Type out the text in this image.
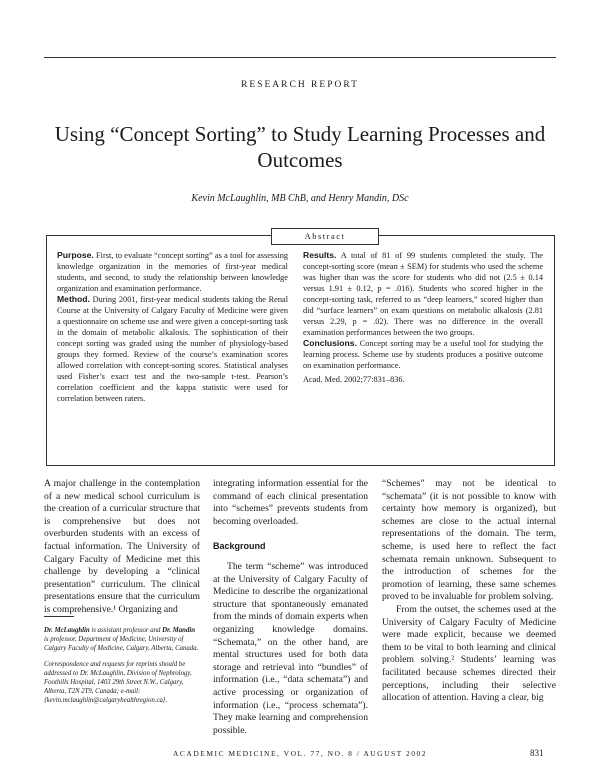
RESEARCH REPORT
Using “Concept Sorting” to Study Learning Processes and Outcomes
Kevin McLaughlin, MB ChB, and Henry Mandin, DSc
Abstract

Purpose. First, to evaluate “concept sorting” as a tool for assessing knowledge organization in the memories of first-year medical students, and second, to study the relationship between knowledge organization and examination performance.

Method. During 2001, first-year medical students taking the Renal Course at the University of Calgary Faculty of Medicine were given a questionnaire on scheme use and were given a concept-sorting task in the domain of metabolic alkalosis. The sophistication of their concept sorting was graded using the number of physiology-based groups they formed. Review of the course’s examination scores allowed correlation with concept-sorting scores. Statistical analyses used Fisher’s exact test and the two-sample t-test. Pearson’s correlation coefficient and the kappa statistic were used for correlation between raters.

Results. A total of 81 of 99 students completed the study. The concept-sorting score (mean ± SEM) for students who used the scheme was higher than was the score for students who did not (2.5 ± 0.14 versus 1.91 ± 0.12, p = .016). Students who scored higher in the concept-sorting task, referred to as “deep learners,” scored higher than did “surface learners” on exam questions on metabolic alkalosis (2.81 versus 2.29, p = .02). There was no difference in the overall examination performances between the two groups.

Conclusions. Concept sorting may be a useful tool for studying the learning process. Scheme use by students produces a positive outcome on examination performance.

Acad. Med. 2002;77:831–836.

A major challenge in the contemplation of a new medical school curriculum is the creation of a curricular structure that is comprehensive but does not overburden students with an excess of factual information. The University of Calgary Faculty of Medicine met this challenge by developing a “clinical presentation” curriculum. The clinical presentations ensure that the curriculum is comprehensive.¹ Organizing and

Dr. McLaughlin is assistant professor and Dr. Mandin is professor, Department of Medicine, University of Calgary Faculty of Medicine, Calgary, Alberta, Canada.

Correspondence and requests for reprints should be addressed to Dr. McLaughlin, Division of Nephrology, Foothills Hospital, 1403 29th Street N.W., Calgary, Alberta, T2N 2T9, Canada; e-mail: ⟨kevin.mclaughlin@calgaryhealthregion.ca⟩.

integrating information essential for the command of each clinical presentation into “schemes” prevents students from becoming overloaded.

Background

The term “scheme” was introduced at the University of Calgary Faculty of Medicine to describe the organizational structure that spontaneously emanated from the minds of domain experts when organizing knowledge domains. “Schemata,” on the other hand, are mental structures used for both data storage and retrieval into “bundles” of information (i.e., “data schemata”) and active processing or organization of information (i.e., “process schemata”). They make learning and comprehension possible.

“Schemes” may not be identical to “schemata” (it is not possible to know with certainty how memory is organized), but schemes are close to the actual internal representations of the domain. The term, scheme, is used here to reflect the fact schemata remain unknown. Subsequent to the introduction of schemes for the promotion of learning, these same schemes proved to be invaluable for problem solving.

From the outset, the schemes used at the University of Calgary Faculty of Medicine were made explicit, because we deemed them to be vital to both learning and clinical problem solving.² Students’ learning was facilitated because schemes directed their perceptions, including their selective allocation of attention. Having a clear, big

ACADEMIC MEDICINE, VOL. 77, NO. 8 / AUGUST 2002	831
